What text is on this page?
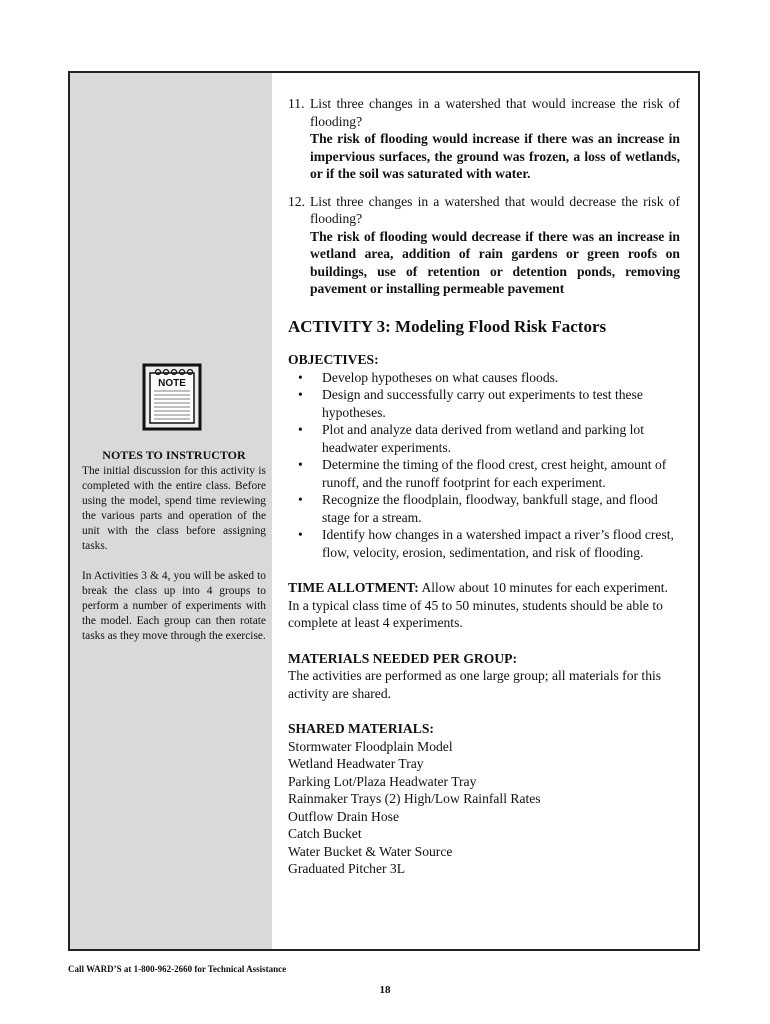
NOTE
NOTES TO INSTRUCTOR

The initial discussion for this activity is completed with the entire class. Before using the model, spend time reviewing the various parts and operation of the unit with the class before assigning tasks.

In Activities 3 & 4, you will be asked to break the class up into 4 groups to perform a number of experiments with the model. Each group can then rotate tasks as they move through the exercise.

11. List three changes in a watershed that would increase the risk of flooding?
The risk of flooding would increase if there was an increase in impervious surfaces, the ground was frozen, a loss of wetlands, or if the soil was saturated with water.
12. List three changes in a watershed that would decrease the risk of flooding?
The risk of flooding would decrease if there was an increase in wetland area, addition of rain gardens or green roofs on buildings, use of retention or detention ponds, removing pavement or installing permeable pavement
ACTIVITY 3: Modeling Flood Risk Factors
OBJECTIVES:
•	Develop hypotheses on what causes floods.
•	Design and successfully carry out experiments to test these hypotheses.
•	Plot and analyze data derived from wetland and parking lot headwater experiments.
•	Determine the timing of the flood crest, crest height, amount of runoff, and the runoff footprint for each experiment.
•	Recognize the floodplain, floodway, bankfull stage, and flood stage for a stream.
•	Identify how changes in a watershed impact a river’s flood crest, flow, velocity, erosion, sedimentation, and risk of flooding.

TIME ALLOTMENT: Allow about 10 minutes for each experiment. In a typical class time of 45 to 50 minutes, students should be able to complete at least 4 experiments.

MATERIALS NEEDED PER GROUP:
The activities are performed as one large group; all materials for this activity are shared.
SHARED MATERIALS:
Stormwater Floodplain Model
Wetland Headwater Tray
Parking Lot/Plaza Headwater Tray
Rainmaker Trays (2) High/Low Rainfall Rates
Outflow Drain Hose
Catch Bucket
Water Bucket & Water Source
Graduated Pitcher 3L
Call WARD’S at 1-800-962-2660 for Technical Assistance
18
